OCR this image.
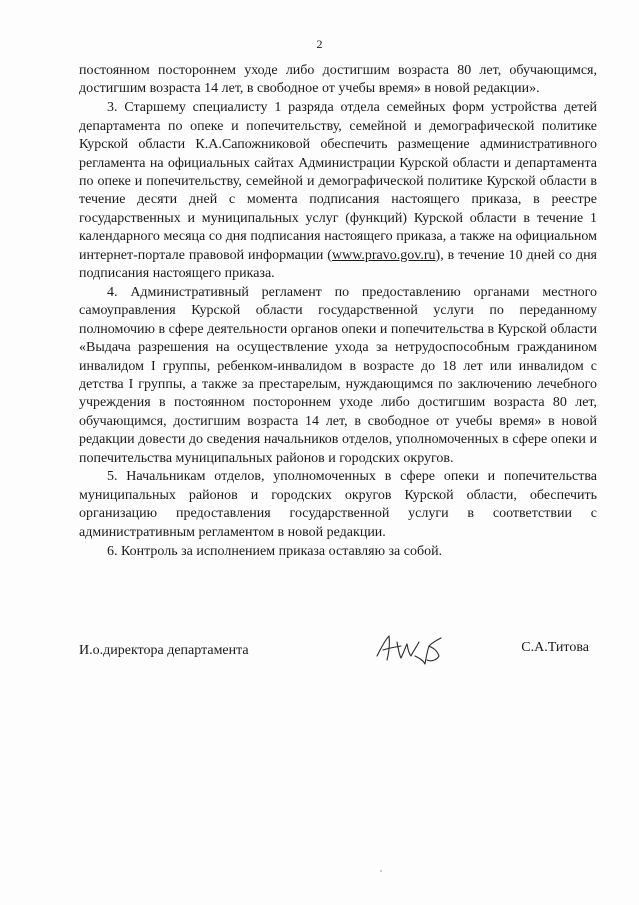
2

постоянном постороннем уходе либо достигшим возраста 80 лет, обучающимся, достигшим возраста 14 лет, в свободное от учебы время» в новой редакции».

3. Старшему специалисту 1 разряда отдела семейных форм устройства детей департамента по опеке и попечительству, семейной и демографической политике Курской области К.А.Сапожниковой обеспечить размещение административного регламента на официальных сайтах Администрации Курской области и департамента по опеке и попечительству, семейной и демографической политике Курской области в течение десяти дней с момента подписания настоящего приказа, в реестре государственных и муниципальных услуг (функций) Курской области в течение 1 календарного месяца со дня подписания настоящего приказа, а также на официальном интернет-портале правовой информации (www.pravo.gov.ru), в течение 10 дней со дня подписания настоящего приказа.

4. Административный регламент по предоставлению органами местного самоуправления Курской области государственной услуги по переданному полномочию в сфере деятельности органов опеки и попечительства в Курской области «Выдача разрешения на осуществление ухода за нетрудоспособным гражданином инвалидом I группы, ребенком-инвалидом в возрасте до 18 лет или инвалидом с детства I группы, а также за престарелым, нуждающимся по заключению лечебного учреждения в постоянном постороннем уходе либо достигшим возраста 80 лет, обучающимся, достигшим возраста 14 лет, в свободное от учебы время» в новой редакции довести до сведения начальников отделов, уполномоченных в сфере опеки и попечительства муниципальных районов и городских округов.

5. Начальникам отделов, уполномоченных в сфере опеки и попечительства муниципальных районов и городских округов Курской области, обеспечить организацию предоставления государственной услуги в соответствии с административным регламентом в новой редакции.

6. Контроль за исполнением приказа оставляю за собой.

И.о.директора департамента	С.А.Титова
